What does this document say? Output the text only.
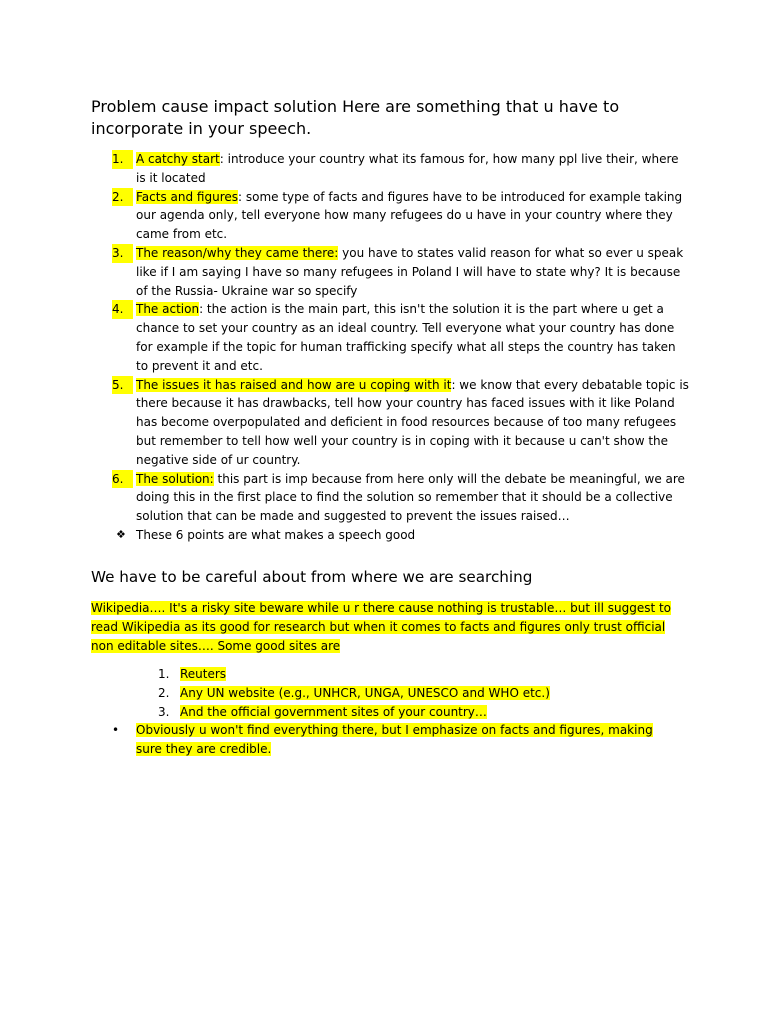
Problem cause impact solution Here are something that u have to incorporate in your speech.
1.	A catchy start: introduce your country what its famous for, how many ppl live their, where is it located
2.	Facts and figures: some type of facts and figures have to be introduced for example taking our agenda only, tell everyone how many refugees do u have in your country where they came from etc.
3.	The reason/why they came there: you have to states valid reason for what so ever u speak like if I am saying I have so many refugees in Poland I will have to state why? It is because of the Russia- Ukraine war so specify
4.	The action: the action is the main part, this isn't the solution it is the part where u get a chance to set your country as an ideal country. Tell everyone what your country has done for example if the topic for human trafficking specify what all steps the country has taken to prevent it and etc.
5.	The issues it has raised and how are u coping with it: we know that every debatable topic is there because it has drawbacks, tell how your country has faced issues with it like Poland has become overpopulated and deficient in food resources because of too many refugees but remember to tell how well your country is in coping with it because u can't show the negative side of ur country.
6.	The solution: this part is imp because from here only will the debate be meaningful, we are doing this in the first place to find the solution so remember that it should be a collective solution that can be made and suggested to prevent the issues raised…
❖ These 6 points are what makes a speech good
We have to be careful about from where we are searching
Wikipedia…. It's a risky site beware while u r there cause nothing is trustable… but ill suggest to read Wikipedia as its good for research but when it comes to facts and figures only trust official non editable sites…. Some good sites are
1. Reuters
2. Any UN website (e.g., UNHCR, UNGA, UNESCO and WHO etc.)
3. And the official government sites of your country…
• Obviously u won't find everything there, but I emphasize on facts and figures, making sure they are credible.
